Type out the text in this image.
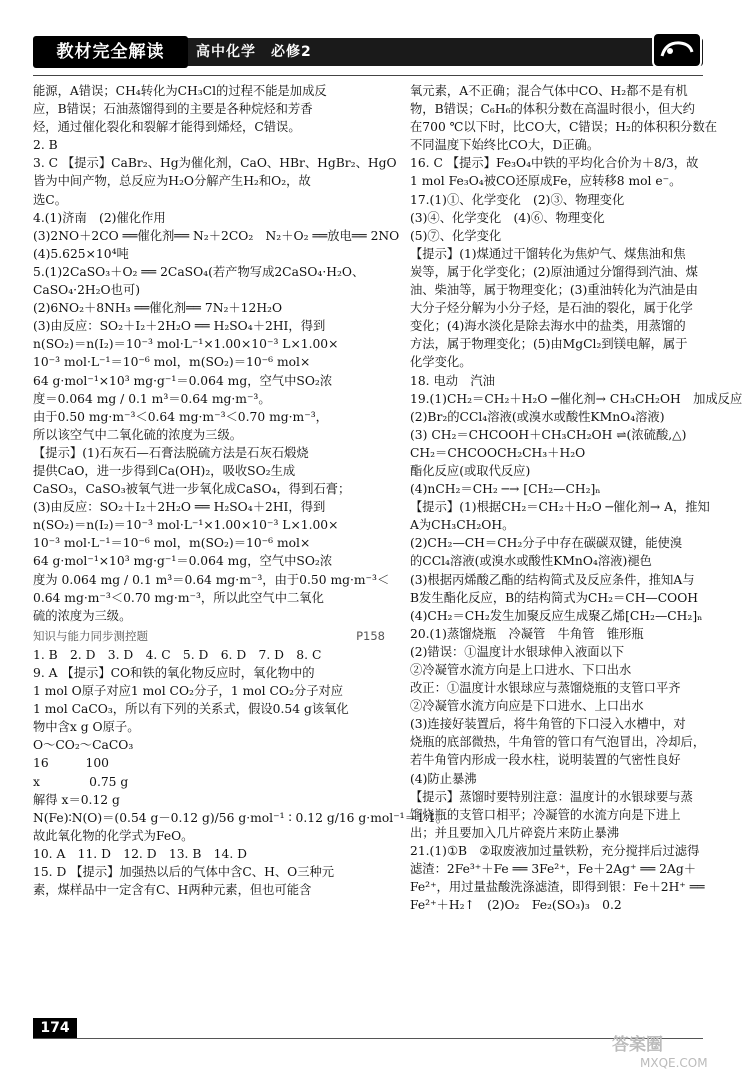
教材完全解读	高中化学　必修2

能源，A错误；CH₄转化为CH₃Cl的过程不能是加成反

应，B错误；石油蒸馏得到的主要是各种烷烃和芳香

烃，通过催化裂化和裂解才能得到烯烃，C错误。

2. B

3. C 【提示】CaBr₂、Hg为催化剂，CaO、HBr、HgBr₂、HgO

皆为中间产物，总反应为H₂O分解产生H₂和O₂，故

选C。

4.(1)济南　(2)催化作用

(3)2NO＋2CO ══催化剂══ N₂＋2CO₂　N₂＋O₂ ══放电══ 2NO

(4)5.625×10⁴吨

5.(1)2CaSO₃＋O₂ ══ 2CaSO₄(若产物写成2CaSO₄·H₂O、

CaSO₄·2H₂O也可)

(2)6NO₂＋8NH₃ ══催化剂══ 7N₂＋12H₂O

(3)由反应：SO₂＋I₂＋2H₂O ══ H₂SO₄＋2HI，得到

n(SO₂)＝n(I₂)＝10⁻³ mol·L⁻¹×1.00×10⁻³ L×1.00×

10⁻³ mol·L⁻¹＝10⁻⁶ mol，m(SO₂)＝10⁻⁶ mol×

64 g·mol⁻¹×10³ mg·g⁻¹＝0.064 mg，空气中SO₂浓

度＝0.064 mg / 0.1 m³＝0.64 mg·m⁻³。

由于0.50 mg·m⁻³＜0.64 mg·m⁻³＜0.70 mg·m⁻³，

所以该空气中二氧化硫的浓度为三级。

【提示】(1)石灰石—石膏法脱硫方法是石灰石煅烧

提供CaO，进一步得到Ca(OH)₂，吸收SO₂生成

CaSO₃，CaSO₃被氧气进一步氧化成CaSO₄，得到石膏；

(3)由反应：SO₂＋I₂＋2H₂O ══ H₂SO₄＋2HI，得到

n(SO₂)＝n(I₂)＝10⁻³ mol·L⁻¹×1.00×10⁻³ L×1.00×

10⁻³ mol·L⁻¹＝10⁻⁶ mol，m(SO₂)＝10⁻⁶ mol×

64 g·mol⁻¹×10³ mg·g⁻¹＝0.064 mg，空气中SO₂浓

度为 0.064 mg / 0.1 m³＝0.64 mg·m⁻³，由于0.50 mg·m⁻³＜

0.64 mg·m⁻³＜0.70 mg·m⁻³，所以此空气中二氧化

硫的浓度为三级。

知识与能力同步测控题	P158

1. B　2. D　3. D　4. C　5. D　6. D　7. D　8. C

9. A 【提示】CO和铁的氧化物反应时，氧化物中的

1 mol O原子对应1 mol CO₂分子，1 mol CO₂分子对应

1 mol CaCO₃，所以有下列的关系式，假设0.54 g该氧化

物中含x g O原子。

O～CO₂～CaCO₃

16　　　100

x　　　　0.75 g

解得 x＝0.12 g

N(Fe)∶N(O)＝(0.54 g－0.12 g)/56 g·mol⁻¹ ∶ 0.12 g/16 g·mol⁻¹＝1∶1。

故此氧化物的化学式为FeO。

10. A　11. D　12. D　13. B　14. D

15. D 【提示】加强热以后的气体中含C、H、O三种元

素，煤样品中一定含有C、H两种元素，但也可能含

氧元素，A不正确；混合气体中CO、H₂都不是有机

物，B错误；C₆H₆的体积分数在高温时很小，但大约

在700 ℃以下时，比CO大，C错误；H₂的体积积分数在

不同温度下始终比CO大，D正确。

16. C 【提示】Fe₃O₄中铁的平均化合价为＋8/3，故

1 mol Fe₃O₄被CO还原成Fe，应转移8 mol e⁻。

17.(1)①、化学变化　(2)③、物理变化

(3)④、化学变化　(4)⑥、物理变化

(5)⑦、化学变化

【提示】(1)煤通过干馏转化为焦炉气、煤焦油和焦

炭等，属于化学变化；(2)原油通过分馏得到汽油、煤

油、柴油等，属于物理变化；(3)重油转化为汽油是由

大分子烃分解为小分子烃，是石油的裂化，属于化学

变化；(4)海水淡化是除去海水中的盐类，用蒸馏的

方法，属于物理变化；(5)由MgCl₂到镁电解，属于

化学变化。

18. 电动　汽油

19.(1)CH₂＝CH₂＋H₂O ─催化剂→ CH₃CH₂OH　加成反应

(2)Br₂的CCl₄溶液(或溴水或酸性KMnO₄溶液)

(3) CH₂＝CHCOOH＋CH₃CH₂OH ⇌(浓硫酸,△)

CH₂＝CHCOOCH₂CH₃＋H₂O

酯化反应(或取代反应)

(4)nCH₂＝CH₂ ─→ [CH₂—CH₂]ₙ

【提示】(1)根据CH₂＝CH₂＋H₂O ─催化剂→ A，推知

A为CH₃CH₂OH。

(2)CH₂—CH＝CH₂分子中存在碳碳双键，能使溴

的CCl₄溶液(或溴水或酸性KMnO₄溶液)褪色

(3)根据丙烯酸乙酯的结构简式及反应条件，推知A与

B发生酯化反应，B的结构简式为CH₂＝CH—COOH

(4)CH₂＝CH₂发生加聚反应生成聚乙烯[CH₂—CH₂]ₙ

20.(1)蒸馏烧瓶　冷凝管　牛角管　锥形瓶

(2)错误：①温度计水银球伸入液面以下

②冷凝管水流方向是上口进水、下口出水

改正：①温度计水银球应与蒸馏烧瓶的支管口平齐

②冷凝管水流方向应是下口进水、上口出水

(3)连接好装置后，将牛角管的下口浸入水槽中，对

烧瓶的底部微热，牛角管的管口有气泡冒出，冷却后，

若牛角管内形成一段水柱，说明装置的气密性良好

(4)防止暴沸

【提示】蒸馏时要特别注意：温度计的水银球要与蒸

馏烧瓶的支管口相平；冷凝管的水流方向是下进上

出；并且要加入几片碎瓷片来防止暴沸

21.(1)①B　②取废液加过量铁粉，充分搅拌后过滤得

滤渣：2Fe³⁺＋Fe ══ 3Fe²⁺，Fe＋2Ag⁺ ══ 2Ag＋

Fe²⁺，用过量盐酸洗涤滤渣，即得到银：Fe＋2H⁺ ══

Fe²⁺＋H₂↑　(2)O₂　Fe₂(SO₃)₃　0.2

174
答案圈
MXQE.COM
